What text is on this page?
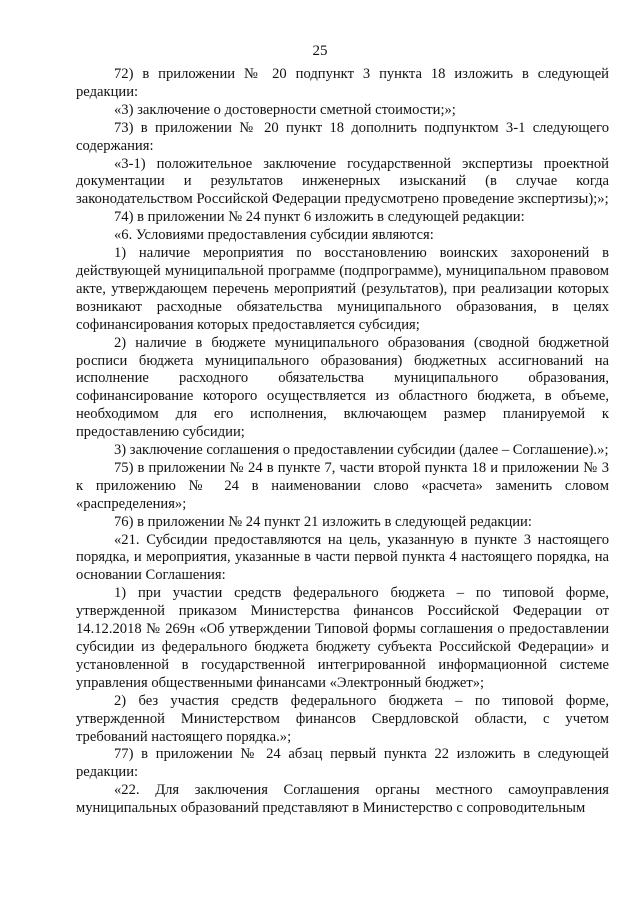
25

72) в приложении № 20 подпункт 3 пункта 18 изложить в следующей редакции:

«3) заключение о достоверности сметной стоимости;»;

73) в приложении № 20 пункт 18 дополнить подпунктом 3-1 следующего содержания:

«3-1) положительное заключение государственной экспертизы проектной документации и результатов инженерных изысканий (в случае когда законодательством Российской Федерации предусмотрено проведение экспертизы);»;

74) в приложении № 24 пункт 6 изложить в следующей редакции:

«6. Условиями предоставления субсидии являются:

1) наличие мероприятия по восстановлению воинских захоронений в действующей муниципальной программе (подпрограмме), муниципальном правовом акте, утверждающем перечень мероприятий (результатов), при реализации которых возникают расходные обязательства муниципального образования, в целях софинансирования которых предоставляется субсидия;

2) наличие в бюджете муниципального образования (сводной бюджетной росписи бюджета муниципального образования) бюджетных ассигнований на исполнение расходного обязательства муниципального образования, софинансирование которого осуществляется из областного бюджета, в объеме, необходимом для его исполнения, включающем размер планируемой к предоставлению субсидии;

3) заключение соглашения о предоставлении субсидии (далее – Соглашение).»;

75) в приложении № 24 в пункте 7, части второй пункта 18 и приложении № 3 к приложению № 24 в наименовании слово «расчета» заменить словом «распределения»;

76) в приложении № 24 пункт 21 изложить в следующей редакции:

«21. Субсидии предоставляются на цель, указанную в пункте 3 настоящего порядка, и мероприятия, указанные в части первой пункта 4 настоящего порядка, на основании Соглашения:

1) при участии средств федерального бюджета – по типовой форме, утвержденной приказом Министерства финансов Российской Федерации от 14.12.2018 № 269н «Об утверждении Типовой формы соглашения о предоставлении субсидии из федерального бюджета бюджету субъекта Российской Федерации» и установленной в государственной интегрированной информационной системе управления общественными финансами «Электронный бюджет»;

2) без участия средств федерального бюджета – по типовой форме, утвержденной Министерством финансов Свердловской области, с учетом требований настоящего порядка.»;

77) в приложении № 24 абзац первый пункта 22 изложить в следующей редакции:

«22. Для заключения Соглашения органы местного самоуправления муниципальных образований представляют в Министерство с сопроводительным
